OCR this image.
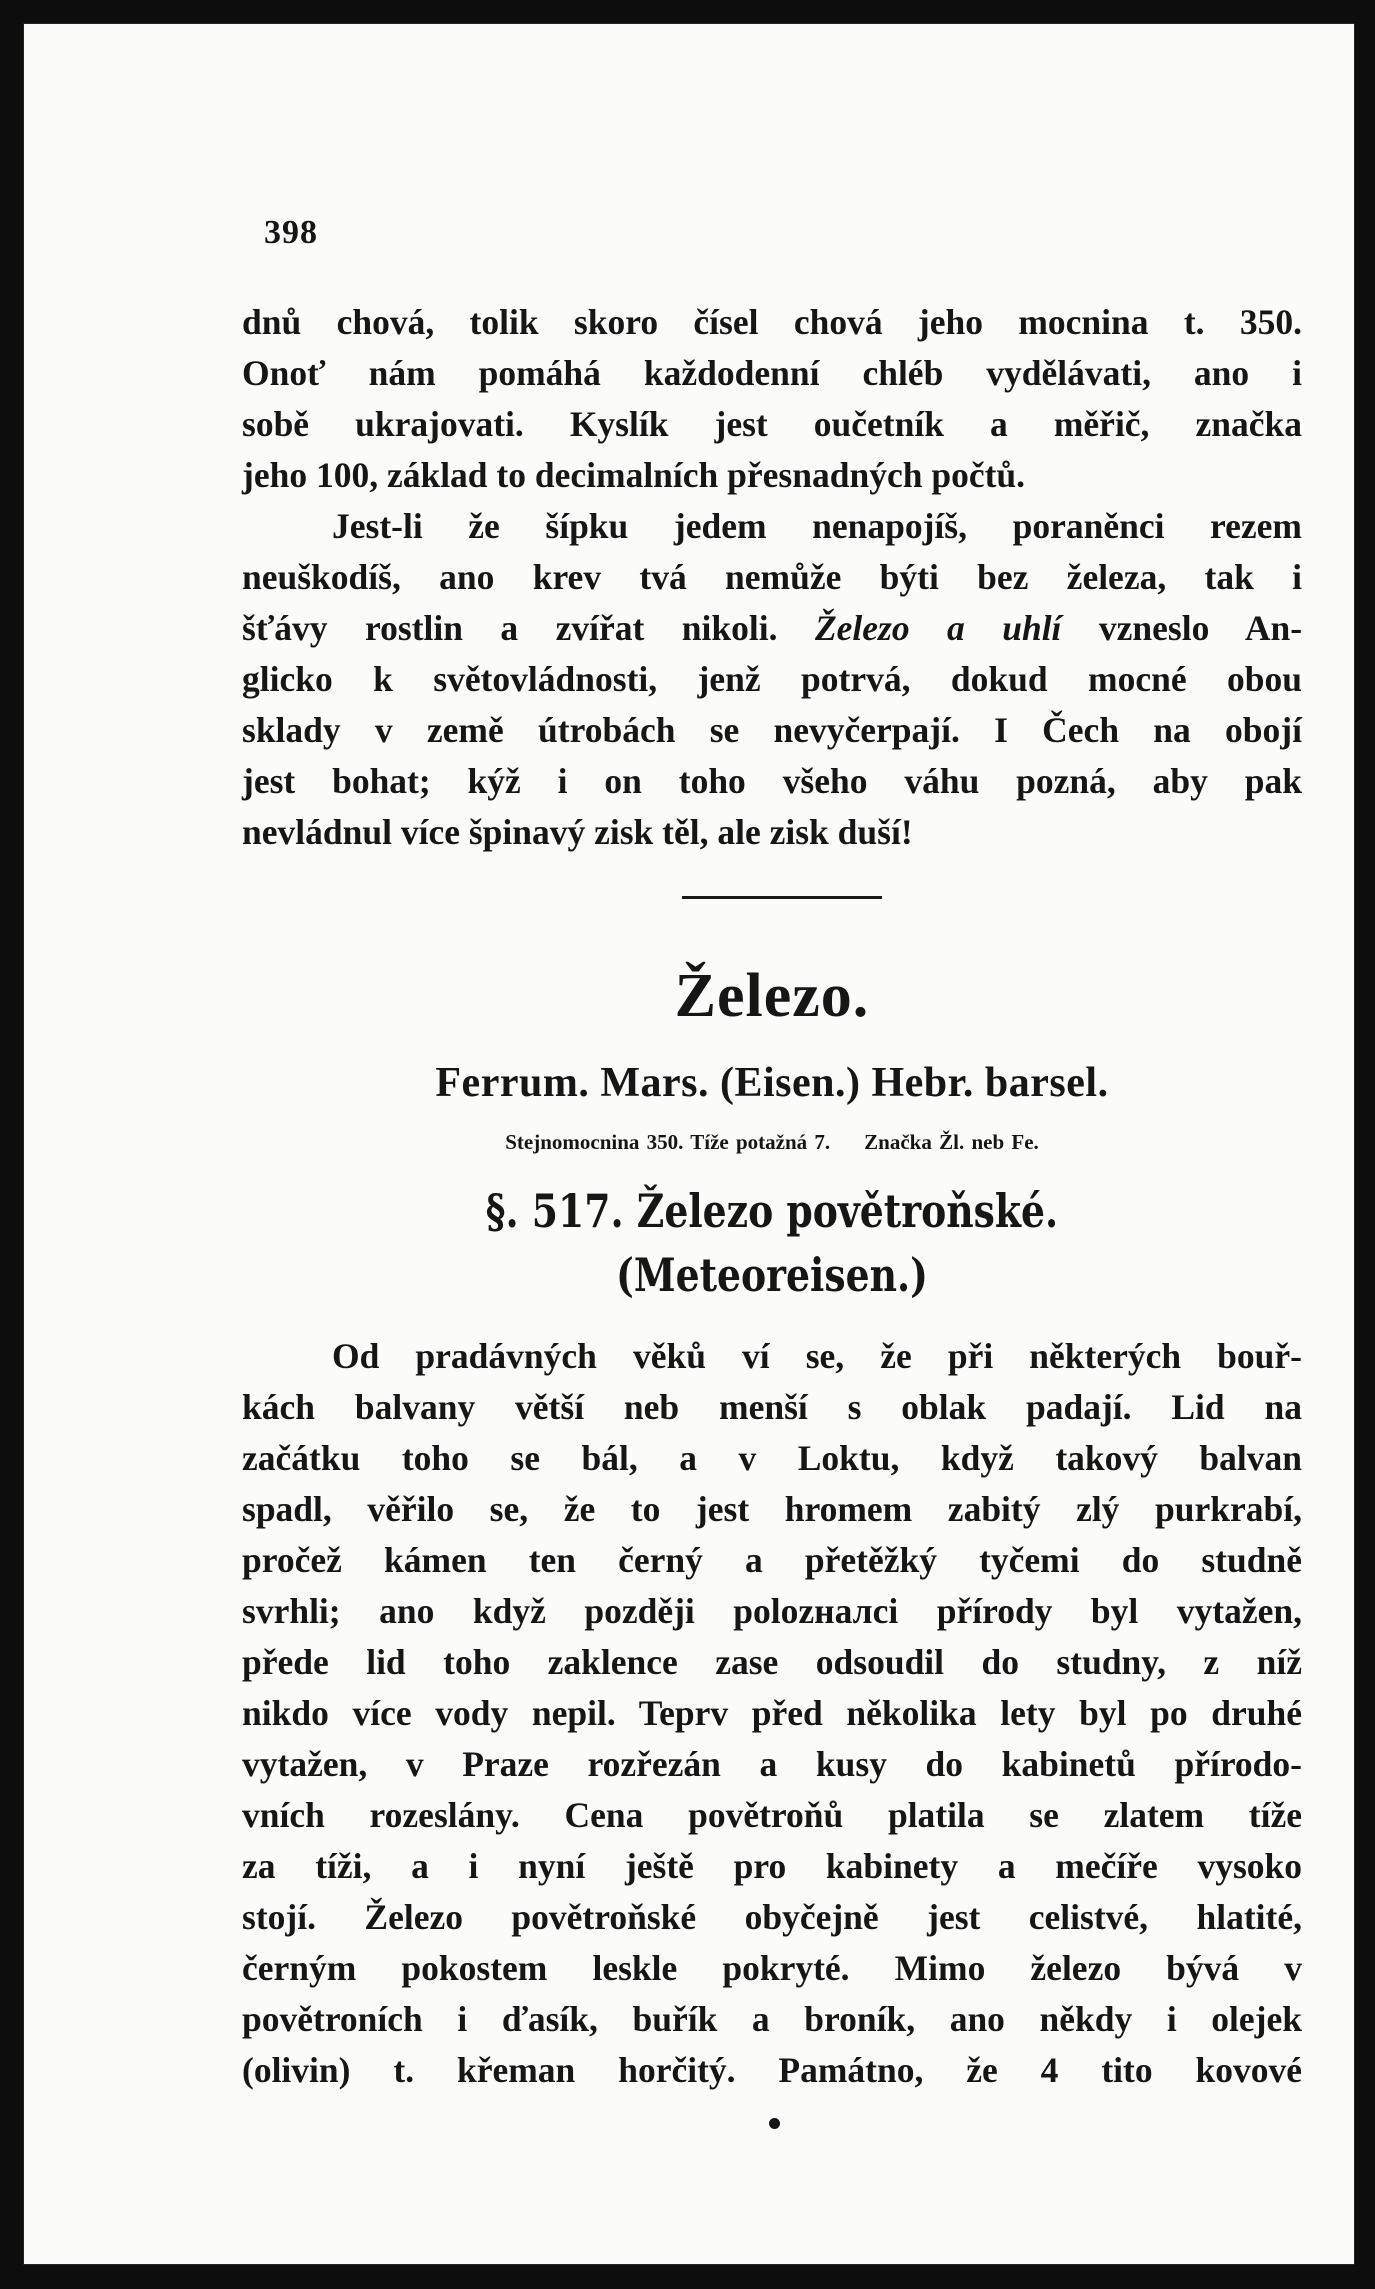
398
dnů chová, tolik skoro čísel chová jeho mocnina t. 350.
Onoť nám pomáhá každodenní chléb vydělávati, ano i
sobě ukrajovati. Kyslík jest oučetník a měřič, značka
jeho 100, základ to decimalních přesnadných počtů.
Jest-li že šípku jedem nenapojíš, poraněnci rezem
neuškodíš, ano krev tvá nemůže býti bez železa, tak i
šťávy rostlin a zvířat nikoli. Železo a uhlí vzneslo An-
glicko k světovládnosti, jenž potrvá, dokud mocné obou
sklady v země útrobách se nevyčerpají. I Čech na obojí
jest bohat; kýž i on toho všeho váhu pozná, aby pak
nevládnul více špinavý zisk těl, ale zisk duší!
Železo.
Ferrum. Mars. (Eisen.) Hebr. barsel.
Stejnomocnina 350. Tíže potažná 7. Značka Žl. neb Fe.
§. 517. Železo povětroňské. (Meteoreisen.)
Od pradávných věků ví se, že při některých bouř-
kách balvany větší neb menší s oblak padají. Lid na
začátku toho se bál, a v Loktu, když takový balvan
spadl, věřilo se, že to jest hromem zabitý zlý purkrabí,
pročež kámen ten černý a přetěžký tyčemi do studně
svrhli; ano když později polozналci přírody byl vytažen,
přede lid toho zaklence zase odsoudil do studny, z níž
nikdo více vody nepil. Teprv před několika lety byl po druhé
vytažen, v Praze rozřezán a kusy do kabinetů přírodo-
vních rozeslány. Cena povětroňů platila se zlatem tíže
za tíži, a i nyní ještě pro kabinety a mečíře vysoko
stojí. Železo povětroňské obyčejně jest celistvé, hlatité,
černým pokostem leskle pokryté. Mimo železo bývá v
povětroních i ďasík, buřík a broník, ano někdy i olejek
(olivin) t. křeman horčitý. Památno, že 4 tito kovové
